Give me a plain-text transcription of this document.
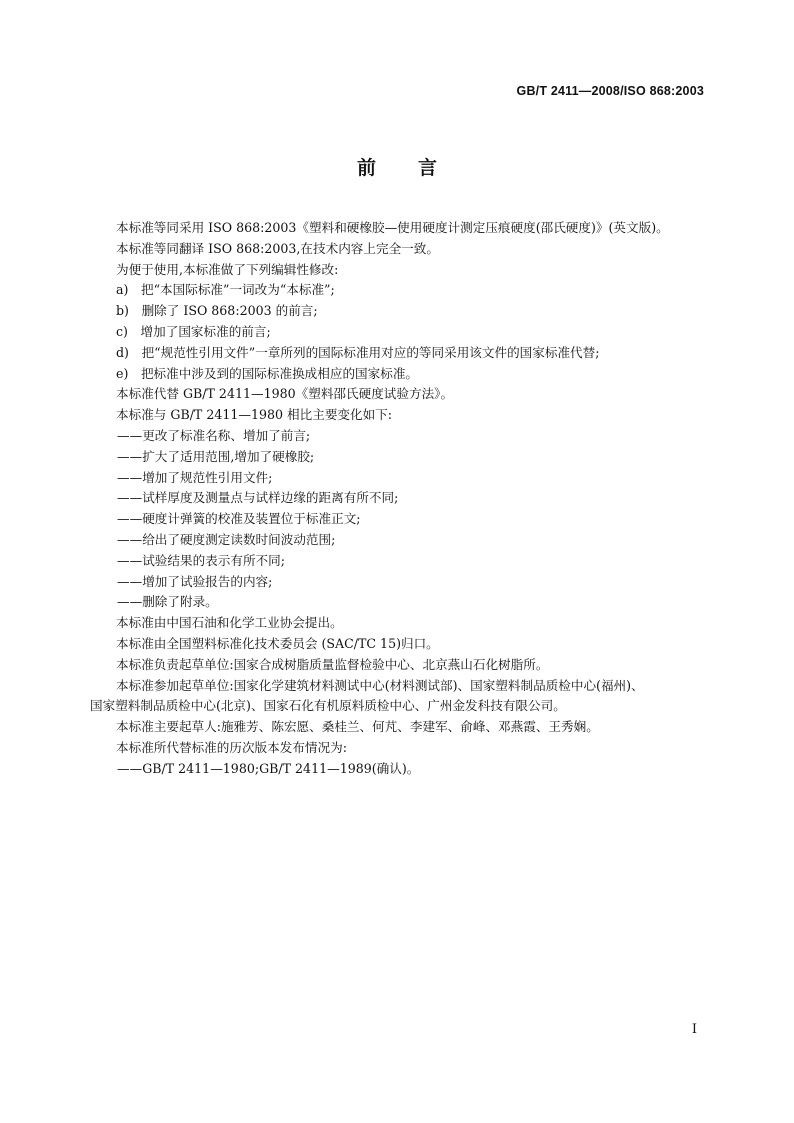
GB/T 2411—2008/ISO 868:2003
前 言
本标准等同采用 ISO 868:2003《塑料和硬橡胶—使用硬度计测定压痕硬度(邵氏硬度)》(英文版)。
本标准等同翻译 ISO 868:2003,在技术内容上完全一致。
为便于使用,本标准做了下列编辑性修改:
a)　把“本国际标准”一词改为“本标准”;
b)　删除了 ISO 868:2003 的前言;
c)　增加了国家标准的前言;
d)　把“规范性引用文件”一章所列的国际标准用对应的等同采用该文件的国家标准代替;
e)　把标准中涉及到的国际标准换成相应的国家标准。
本标准代替 GB/T 2411—1980《塑料邵氏硬度试验方法》。
本标准与 GB/T 2411—1980 相比主要变化如下:
——更改了标准名称、增加了前言;
——扩大了适用范围,增加了硬橡胶;
——增加了规范性引用文件;
——试样厚度及测量点与试样边缘的距离有所不同;
——硬度计弹簧的校准及装置位于标准正文;
——给出了硬度测定读数时间波动范围;
——试验结果的表示有所不同;
——增加了试验报告的内容;
——删除了附录。
本标准由中国石油和化学工业协会提出。
本标准由全国塑料标准化技术委员会 (SAC/TC 15)归口。
本标准负责起草单位:国家合成树脂质量监督检验中心、北京燕山石化树脂所。
本标准参加起草单位:国家化学建筑材料测试中心(材料测试部)、国家塑料制品质检中心(福州)、
国家塑料制品质检中心(北京)、国家石化有机原料质检中心、广州金发科技有限公司。
本标准主要起草人:施雅芳、陈宏愿、桑桂兰、何芃、李建军、俞峰、邓燕霞、王秀娴。
本标准所代替标准的历次版本发布情况为:
——GB/T 2411—1980;GB/T 2411—1989(确认)。
I
